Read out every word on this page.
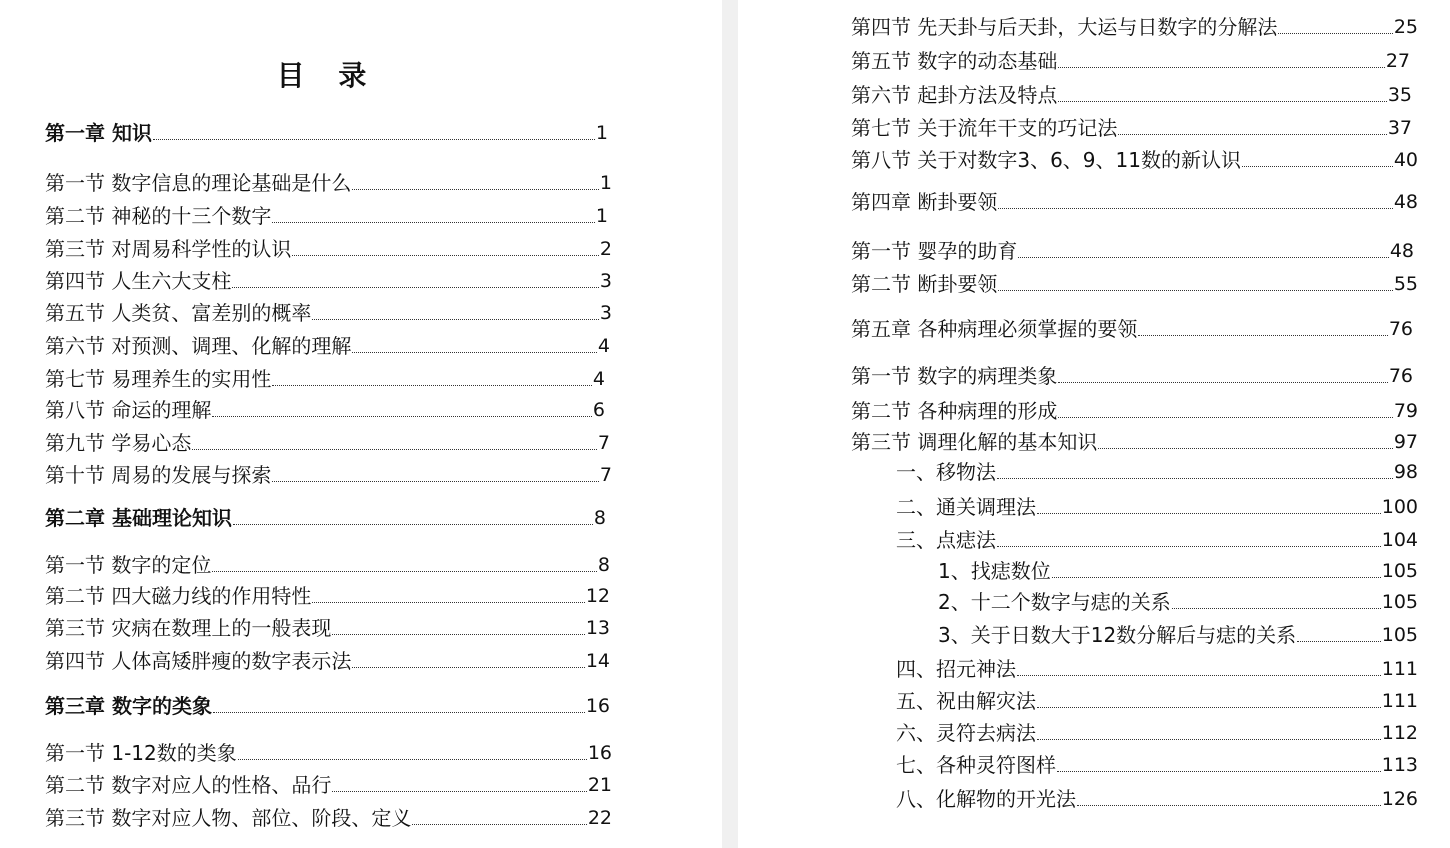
目 录
第一章 知识	1
第一节 数字信息的理论基础是什么	1
第二节 神秘的十三个数字	1
第三节 对周易科学性的认识	2
第四节 人生六大支柱	3
第五节 人类贫、富差别的概率	3
第六节 对预测、调理、化解的理解	4
第七节 易理养生的实用性	4
第八节 命运的理解	6
第九节 学易心态	7
第十节 周易的发展与探索	7
第二章 基础理论知识	8
第一节 数字的定位	8
第二节 四大磁力线的作用特性	12
第三节 灾病在数理上的一般表现	13
第四节 人体高矮胖瘦的数字表示法	14
第三章 数字的类象	16
第一节 1-12数的类象	16
第二节 数字对应人的性格、品行	21
第三节 数字对应人物、部位、阶段、定义	22
第四节 先天卦与后天卦，大运与日数字的分解法	25
第五节 数字的动态基础	27
第六节 起卦方法及特点	35
第七节 关于流年干支的巧记法	37
第八节 关于对数字3、6、9、11数的新认识	40
第四章 断卦要领	48
第一节 婴孕的助育	48
第二节 断卦要领	55
第五章 各种病理必须掌握的要领	76
第一节 数字的病理类象	76
第二节 各种病理的形成	79
第三节 调理化解的基本知识	97
一、移物法	98
二、通关调理法	100
三、点痣法	104
1、找痣数位	105
2、十二个数字与痣的关系	105
3、关于日数大于12数分解后与痣的关系	105
四、招元神法	111
五、祝由解灾法	111
六、灵符去病法	112
七、各种灵符图样	113
八、化解物的开光法	126
